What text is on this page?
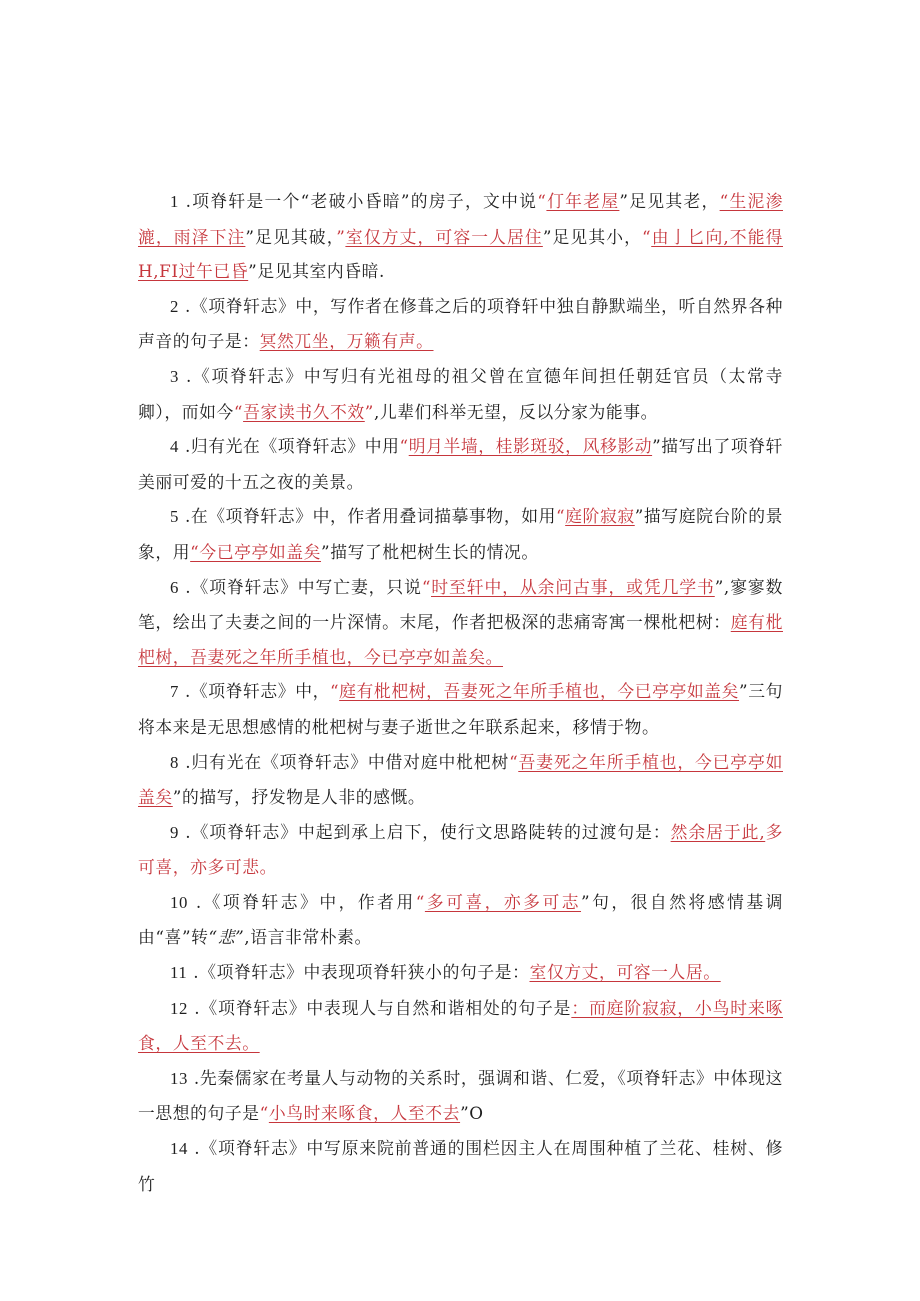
1 .项脊轩是一个“老破小昏暗”的房子，文中说“仃年老屋”足见其老，“生泥渗漉，雨泽下注”足见其破，”室仅方丈，可容一人居住”足见其小，“由亅匕向,不能得H,FI过午已昏”足见其室内昏暗.

2 .《项脊轩志》中，写作者在修葺之后的项脊轩中独自静默端坐，听自然界各种声音的句子是：冥然兀坐，万籁有声。

3 .《项脊轩志》中写归有光祖母的祖父曾在宣德年间担任朝廷官员（太常寺卿），而如今“吾家读书久不效”,儿辈们科举无望，反以分家为能事。

4 .归有光在《项脊轩志》中用“明月半墙，桂影斑驳，风移影动”描写出了项脊轩美丽可爱的十五之夜的美景。

5 .在《项脊轩志》中，作者用叠词描摹事物，如用“庭阶寂寂”描写庭院台阶的景象，用“今已亭亭如盖矣”描写了枇杷树生长的情况。

6 .《项脊轩志》中写亡妻，只说“时至轩中，从余问古事，或凭几学书”,寥寥数笔，绘出了夫妻之间的一片深情。末尾，作者把极深的悲痛寄寓一棵枇杷树：庭有枇杷树，吾妻死之年所手植也，今已亭亭如盖矣。

7 .《项脊轩志》中，“庭有枇杷树，吾妻死之年所手植也，今已亭亭如盖矣”三句将本来是无思想感情的枇杷树与妻子逝世之年联系起来，移情于物。

8 .归有光在《项脊轩志》中借对庭中枇杷树“吾妻死之年所手植也，今已亭亭如盖矣”的描写，抒发物是人非的感慨。

9 .《项脊轩志》中起到承上启下，使行文思路陡转的过渡句是：然余居于此,多可喜，亦多可悲。

10 .《项脊轩志》中，作者用“多可喜，亦多可志”句，很自然将感情基调由“喜”转“悲”,语言非常朴素。

11 .《项脊轩志》中表现项脊轩狭小的句子是：室仅方丈，可容一人居。

12 .《项脊轩志》中表现人与自然和谐相处的句子是：而庭阶寂寂，小鸟时来啄食，人至不去。

13 .先秦儒家在考量人与动物的关系时，强调和谐、仁爱，《项脊轩志》中体现这一思想的句子是“小鸟时来啄食，人至不去”O

14 .《项脊轩志》中写原来院前普通的围栏因主人在周围种植了兰花、桂树、修竹
